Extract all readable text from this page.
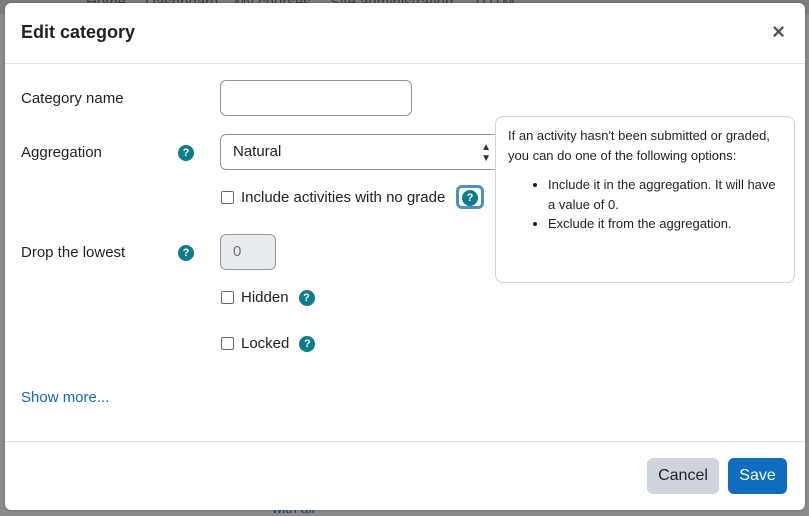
Edit category	×
Category name
Aggregation	?	Natural	▲
▼
Include activities with no grade	?
Drop the lowest	?	0
Hidden	?
Locked	?
Show more...
Cancel	Save

If an activity hasn't been submitted or graded, you can do one of the following options:

• Include it in the aggregation. It will have a value of 0.
• Exclude it from the aggregation.
